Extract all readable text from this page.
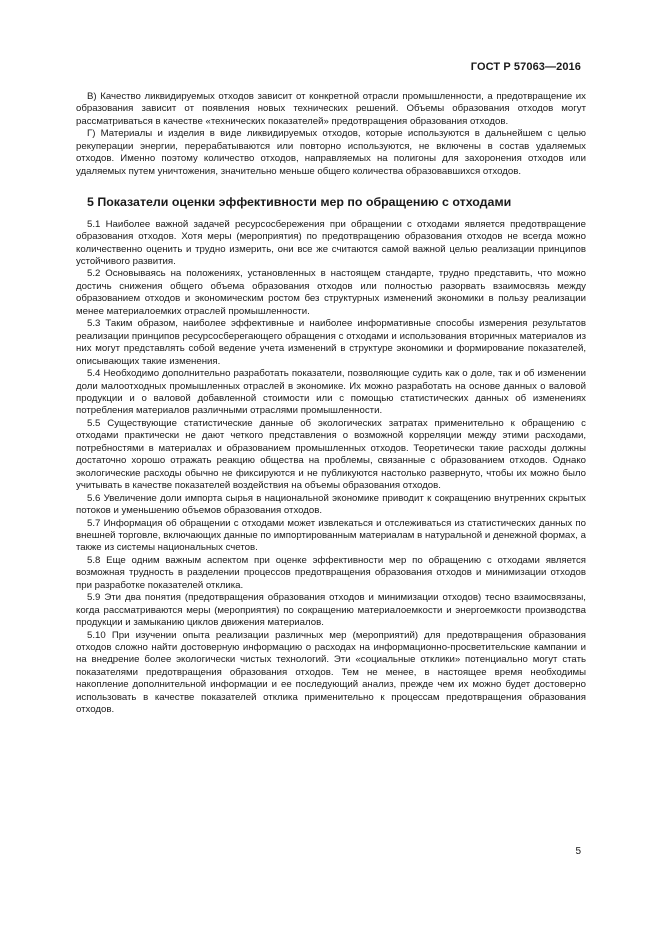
ГОСТ Р 57063—2016

В) Качество ликвидируемых отходов зависит от конкретной отрасли промышленности, а предотвращение их образования зависит от появления новых технических решений. Объемы образования отходов могут рассматриваться в качестве «технических показателей» предотвращения образования отходов.

Г) Материалы и изделия в виде ликвидируемых отходов, которые используются в дальнейшем с целью рекуперации энергии, перерабатываются или повторно используются, не включены в состав удаляемых отходов. Именно поэтому количество отходов, направляемых на полигоны для захоронения отходов или удаляемых путем уничтожения, значительно меньше общего количества образовавшихся отходов.

5 Показатели оценки эффективности мер по обращению с отходами

5.1 Наиболее важной задачей ресурсосбережения при обращении с отходами является предотвращение образования отходов. Хотя меры (мероприятия) по предотвращению образования отходов не всегда можно количественно оценить и трудно измерить, они все же считаются самой важной целью реализации принципов устойчивого развития.

5.2 Основываясь на положениях, установленных в настоящем стандарте, трудно представить, что можно достичь снижения общего объема образования отходов или полностью разорвать взаимосвязь между образованием отходов и экономическим ростом без структурных изменений экономики в пользу реализации менее материалоемких отраслей промышленности.

5.3 Таким образом, наиболее эффективные и наиболее информативные способы измерения результатов реализации принципов ресурсосберегающего обращения с отходами и использования вторичных материалов из них могут представлять собой ведение учета изменений в структуре экономики и формирование показателей, описывающих такие изменения.

5.4 Необходимо дополнительно разработать показатели, позволяющие судить как о доле, так и об изменении доли малоотходных промышленных отраслей в экономике. Их можно разработать на основе данных о валовой продукции и о валовой добавленной стоимости или с помощью статистических данных об изменениях потребления материалов различными отраслями промышленности.

5.5 Существующие статистические данные об экологических затратах применительно к обращению с отходами практически не дают четкого представления о возможной корреляции между этими расходами, потребностями в материалах и образованием промышленных отходов. Теоретически такие расходы должны достаточно хорошо отражать реакцию общества на проблемы, связанные с образованием отходов. Однако экологические расходы обычно не фиксируются и не публикуются настолько развернуто, чтобы их можно было учитывать в качестве показателей воздействия на объемы образования отходов.

5.6 Увеличение доли импорта сырья в национальной экономике приводит к сокращению внутренних скрытых потоков и уменьшению объемов образования отходов.

5.7 Информация об обращении с отходами может извлекаться и отслеживаться из статистических данных по внешней торговле, включающих данные по импортированным материалам в натуральной и денежной формах, а также из системы национальных счетов.

5.8 Еще одним важным аспектом при оценке эффективности мер по обращению с отходами является возможная трудность в разделении процессов предотвращения образования отходов и минимизации отходов при разработке показателей отклика.

5.9 Эти два понятия (предотвращения образования отходов и минимизации отходов) тесно взаимосвязаны, когда рассматриваются меры (мероприятия) по сокращению материалоемкости и энергоемкости производства продукции и замыканию циклов движения материалов.

5.10 При изучении опыта реализации различных мер (мероприятий) для предотвращения образования отходов сложно найти достоверную информацию о расходах на информационно-просветительские кампании и на внедрение более экологически чистых технологий. Эти «социальные отклики» потенциально могут стать показателями предотвращения образования отходов. Тем не менее, в настоящее время необходимы накопление дополнительной информации и ее последующий анализ, прежде чем их можно будет достоверно использовать в качестве показателей отклика применительно к процессам предотвращения образования отходов.

5
